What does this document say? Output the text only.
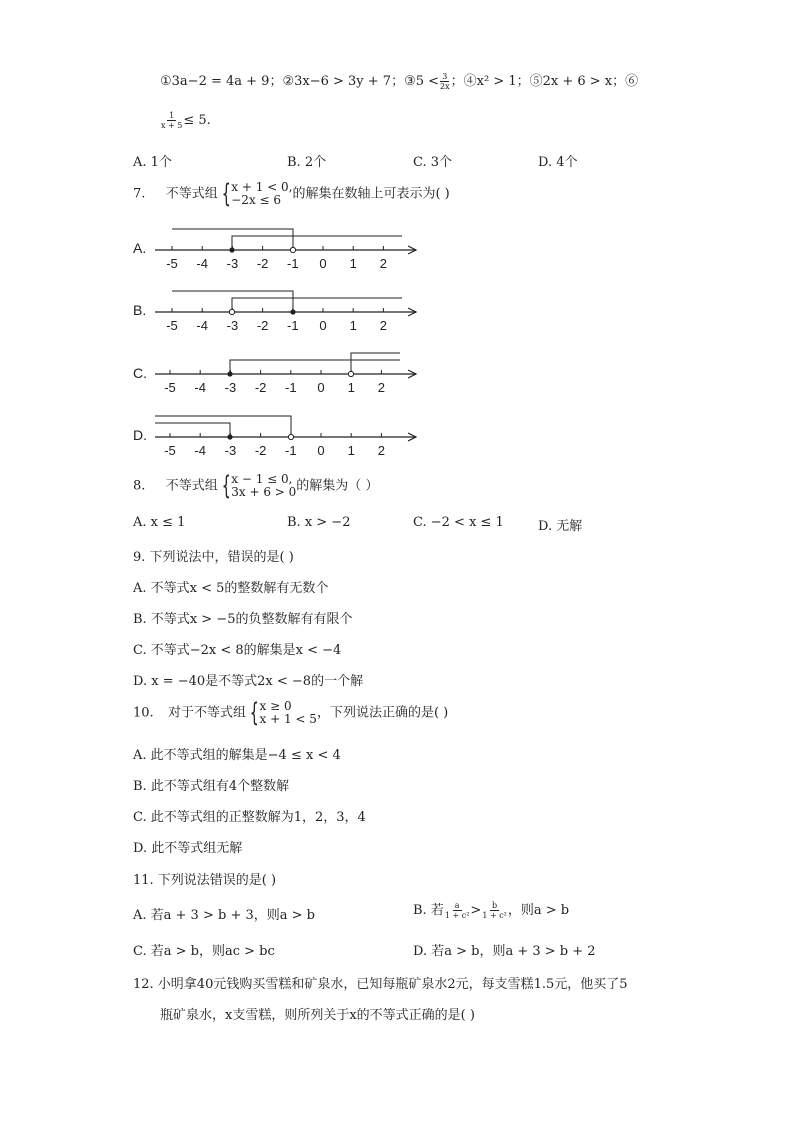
①3a−2 = 4a + 9；②3x−6 > 3y + 7；③5 < $\frac{3}{2x}$ ；④x² > 1；⑤2x + 6 > x；⑥
$\frac{1}{x + 5} \le 5$.
A. 1个	B. 2个	C. 3个	D. 4个
7. 不等式组 { x + 1 < 0,
−2x ≤ 6 的解集在数轴上可表示为( )
A.
B.
C.
D.
-5 -4 -3 -2 -1 0 1 2
-5 -4 -3 -2 -1 0 1 2
-5 -4 -3 -2 -1 0 1 2
-5 -4 -3 -2 -1 0 1 2
8. 不等式组 { x − 1 ≤ 0,
3x + 6 > 0 的解集为（ ）
A. x ≤ 1	B. x > −2	C. −2 < x ≤ 1	D. 无解
9. 下列说法中，错误的是( )
A. 不等式x < 5的整数解有无数个
B. 不等式x > −5的负整数解有有限个
C. 不等式−2x < 8的解集是x < −4
D. x = −40是不等式2x < −8的一个解
10. 对于不等式组 { x ≥ 0
x + 1 < 5 ，下列说法正确的是( )
A. 此不等式组的解集是−4 ≤ x < 4
B. 此不等式组有4个整数解
C. 此不等式组的正整数解为1，2，3，4
D. 此不等式组无解
11. 下列说法错误的是( )
A. 若a + 3 > b + 3，则a > b	B. 若 $\frac{a}{\text{1 + c²}} > \frac{b}{\text{1 + c²}}$ ，则a > b
C. 若a > b，则ac > bc	D. 若a > b，则a + 3 > b + 2
12. 小明拿40元钱购买雪糕和矿泉水，已知每瓶矿泉水2元，每支雪糕1.5元，他买了5
瓶矿泉水，x支雪糕，则所列关于x的不等式正确的是( )
